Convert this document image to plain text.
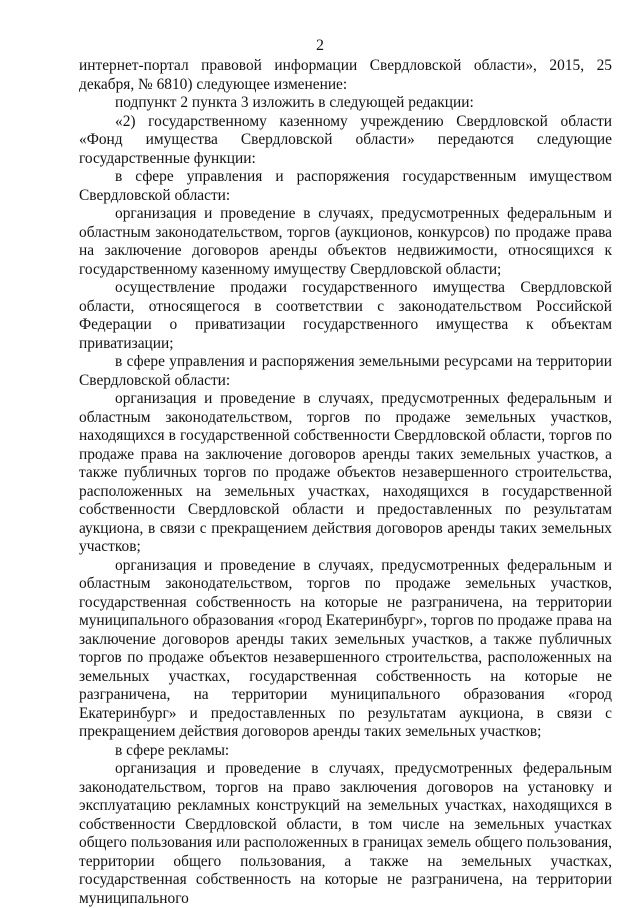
2

интернет-портал правовой информации Свердловской области», 2015, 25 декабря, № 6810) следующее изменение:

подпункт 2 пункта 3 изложить в следующей редакции:

«2) государственному казенному учреждению Свердловской области «Фонд имущества Свердловской области» передаются следующие государственные функции:

в сфере управления и распоряжения государственным имуществом Свердловской области:

организация и проведение в случаях, предусмотренных федеральным и областным законодательством, торгов (аукционов, конкурсов) по продаже права на заключение договоров аренды объектов недвижимости, относящихся к государственному казенному имуществу Свердловской области;

осуществление продажи государственного имущества Свердловской области, относящегося в соответствии с законодательством Российской Федерации о приватизации государственного имущества к объектам приватизации;

в сфере управления и распоряжения земельными ресурсами на территории Свердловской области:

организация и проведение в случаях, предусмотренных федеральным и областным законодательством, торгов по продаже земельных участков, находящихся в государственной собственности Свердловской области, торгов по продаже права на заключение договоров аренды таких земельных участков, а также публичных торгов по продаже объектов незавершенного строительства, расположенных на земельных участках, находящихся в государственной собственности Свердловской области и предоставленных по результатам аукциона, в связи с прекращением действия договоров аренды таких земельных участков;

организация и проведение в случаях, предусмотренных федеральным и областным законодательством, торгов по продаже земельных участков, государственная собственность на которые не разграничена, на территории муниципального образования «город Екатеринбург», торгов по продаже права на заключение договоров аренды таких земельных участков, а также публичных торгов по продаже объектов незавершенного строительства, расположенных на земельных участках, государственная собственность на которые не разграничена, на территории муниципального образования «город Екатеринбург» и предоставленных по результатам аукциона, в связи с прекращением действия договоров аренды таких земельных участков;

в сфере рекламы:

организация и проведение в случаях, предусмотренных федеральным законодательством, торгов на право заключения договоров на установку и эксплуатацию рекламных конструкций на земельных участках, находящихся в собственности Свердловской области, в том числе на земельных участках общего пользования или расположенных в границах земель общего пользования, территории общего пользования, а также на земельных участках, государственная собственность на которые не разграничена, на территории муниципального
